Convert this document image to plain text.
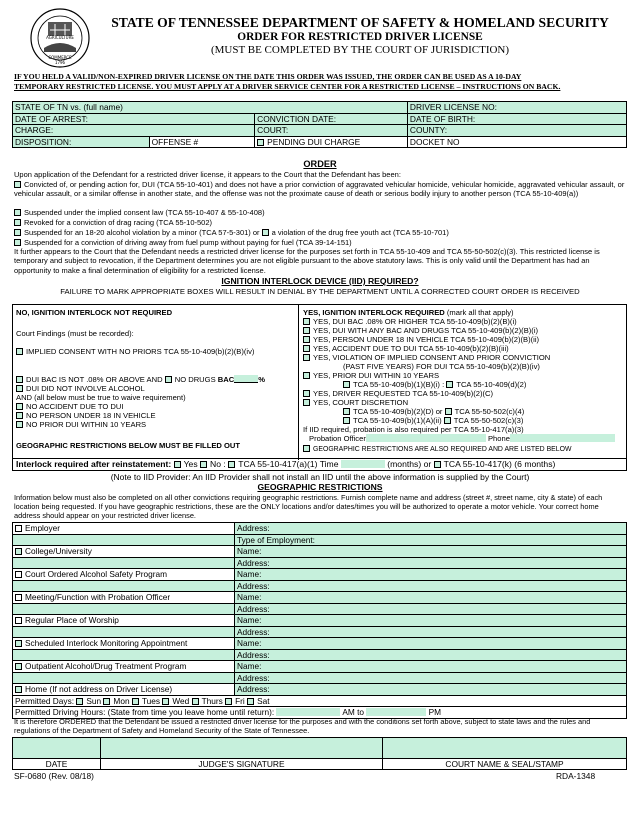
AGRICULTURE
COMMERCE
1796
STATE OF TENNESSEE DEPARTMENT OF SAFETY & HOMELAND SECURITY
ORDER FOR RESTRICTED DRIVER LICENSE
(MUST BE COMPLETED BY THE COURT OF JURISDICTION)
IF YOU HELD A VALID/NON-EXPIRED DRIVER LICENSE ON THE DATE THIS ORDER WAS ISSUED, THE ORDER CAN BE USED AS A 10-DAY
TEMPORARY RESTRICTED LICENSE. YOU MUST APPLY AT A DRIVER SERVICE CENTER FOR A RESTRICTED LICENSE – INSTRUCTIONS ON BACK.
STATE OF TN vs. (full name)			DRIVER LICENSE NO:
DATE OF ARREST:		CONVICTION DATE:	DATE OF BIRTH:
CHARGE:		COURT:	COUNTY:
DISPOSITION:	OFFENSE #	PENDING DUI CHARGE	DOCKET NO
ORDER
Upon application of the Defendant for a restricted driver license, it appears to the Court that the Defendant has been:
Convicted of, or pending action for, DUI (TCA 55-10-401) and does not have a prior conviction of aggravated vehicular homicide, vehicular homicide, aggravated vehicular assault, or vehicular assault, or a similar offense in another state, and the offense was not the proximate cause of death or serious bodily injury to another person (TCA 55-10-409(a))
Suspended under the implied consent law (TCA 55-10-407 & 55-10-408)
Revoked for a conviction of drag racing (TCA 55-10-502)
Suspended for an 18-20 alcohol violation by a minor (TCA 57-5-301) or a violation of the drug free youth act (TCA 55-10-701)
Suspended for a conviction of driving away from fuel pump without paying for fuel (TCA 39-14-151)
It further appears to the Court that the Defendant needs a restricted driver license for the purposes set forth in TCA 55-10-409 and TCA 55-50-502(c)(3). This restricted license is temporary and subject to revocation, if the Department determines you are not eligible pursuant to the above statutory laws. This is only valid until the Department has had an opportunity to make a final determination of eligibility for a restricted license.
IGNITION INTERLOCK DEVICE (IID) REQUIRED?
FAILURE TO MARK APPROPRIATE BOXES WILL RESULT IN DENIAL BY THE DEPARTMENT UNTIL A CORRECTED COURT ORDER IS RECEIVED
NO, IGNITION INTERLOCK NOT REQUIRED
Court Findings (must be recorded):
IMPLIED CONSENT WITH NO PRIORS TCA 55-10-409(b)(2)(B)(iv)
DUI BAC IS NOT .08% OR ABOVE AND NO DRUGS BAC	%
DUI DID NOT INVOLVE ALCOHOL
AND (all below must be true to waive requirement)
NO ACCIDENT DUE TO DUI
NO PERSON UNDER 18 IN VEHICLE
NO PRIOR DUI WITHIN 10 YEARS
GEOGRAPHIC RESTRICTIONS BELOW MUST BE FILLED OUT
YES, IGNITION INTERLOCK REQUIRED (mark all that apply)
YES, DUI BAC .08% OR HIGHER TCA 55-10-409(b)(2)(B)(i)
YES, DUI WITH ANY BAC AND DRUGS TCA 55-10-409(b)(2)(B)(i)
YES, PERSON UNDER 18 IN VEHICLE TCA 55-10-409(b)(2)(B)(ii)
YES, ACCIDENT DUE TO DUI TCA 55-10-409(b)(2)(B)(iii)
YES, VIOLATION OF IMPLIED CONSENT AND PRIOR CONVICTION
(PAST FIVE YEARS) FOR DUI TCA 55-10-409(b)(2)(B)(iv)
YES, PRIOR DUI WITHIN 10 YEARS
TCA 55-10-409(b)(1)(B)(i) : TCA 55-10-409(d)(2)
YES, DRIVER REQUESTED TCA 55-10-409(b)(2)(C)
YES, COURT DISCRETION
TCA 55-10-409(b)(2)(D) or TCA 55-50-502(c)(4)
TCA 55-10-409(b)(1)(A)(ii) TCA 55-50-502(c)(3)
If IID required, probation is also required per TCA 55-10-417(a)(3)
Probation Officer	Phone
GEOGRAPHIC RESTRICTIONS ARE ALSO REQUIRED AND ARE LISTED BELOW
Interlock required after reinstatement: Yes No : TCA 55-10-417(a)(1) Time	(months) or TCA 55-10-417(k) (6 months)
(Note to IID Provider: An IID Provider shall not install an IID until the above information is supplied by the Court)
GEOGRAPHIC RESTRICTIONS
Information below must also be completed on all other convictions requiring geographic restrictions. Furnish complete name and address (street #, street name, city & state) of each location being requested. If you have geographic restrictions, these are the ONLY locations and/or dates/times you will be authorized to operate a motor vehicle. Your correct home address should appear on your restricted driver license.
Employer	Address:
	Type of Employment:
College/University	Name:
	Address:
Court Ordered Alcohol Safety Program	Name:
	Address:
Meeting/Function with Probation Officer	Name:
	Address:
Regular Place of Worship	Name:
	Address:
Scheduled Interlock Monitoring Appointment	Name:
	Address:
Outpatient Alcohol/Drug Treatment Program	Name:
	Address:
Home (If not address on Driver License)	Address:
Permitted Days: Sun Mon Tues Wed Thurs Fri Sat	
Permitted Driving Hours: (State from time you leave home until return): AM to PM	
It is therefore ORDERED that the Defendant be issued a restricted driver license for the purposes and with the conditions set forth above, subject to state laws and the rules and regulations of the Department of Safety and Homeland Security of the State of Tennessee.

DATE	JUDGE'S SIGNATURE	COURT NAME & SEAL/STAMP
SF-0680 (Rev. 08/18)	RDA-1348
